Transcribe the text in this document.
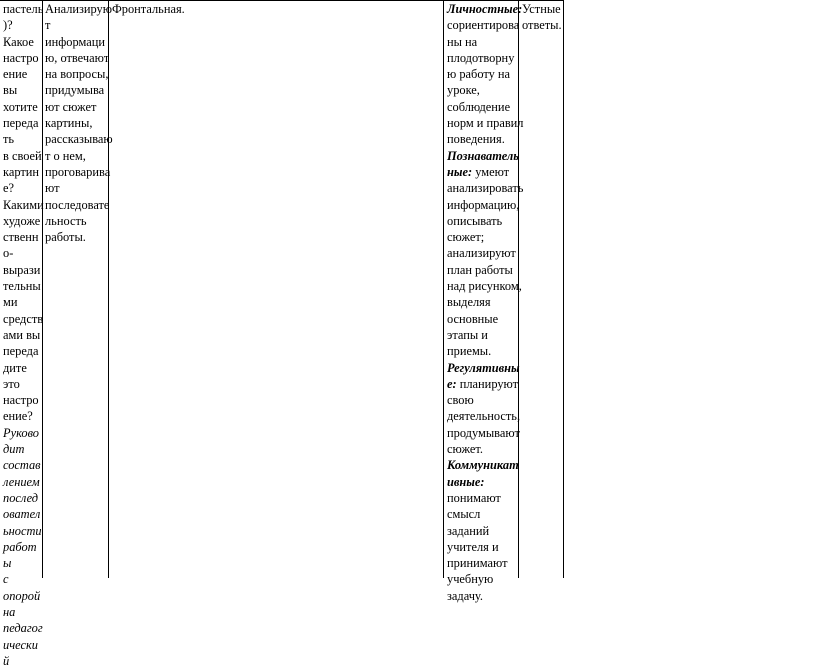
пастель
)?
Какое
настро
ение
вы
хотите
переда
ть
в своей
картин
е?
Какими
художе
ственн
о-
вырази
тельны
ми
средств
ами вы
переда
дите
это
настро
ение?
Руково
дит
состав
лением
послед
овател
ьности
работ
ы
с
опорой
на
педагог
ически
й
Анализирую
т
информаци
ю, отвечают
на вопросы,
придумыва
ют сюжет
картины,
рассказываю
т о нем,
проговарива
ют
последовате
льность
работы.
Фронтальная.	Личностные:
сориентирова
ны на
плодотворну
ю работу на
уроке,
соблюдение
норм и правил
поведения.
Познаватель
ные: умеют
анализировать
информацию,
описывать
сюжет;
анализируют
план работы
над рисунком,
выделяя
основные
этапы и
приемы.
Регулятивны
е: планируют
свою
деятельность,
продумывают
сюжет.
Коммуникат
ивные:
понимают
смысл
заданий
учителя и
принимают
учебную
задачу.
Устные
ответы.
